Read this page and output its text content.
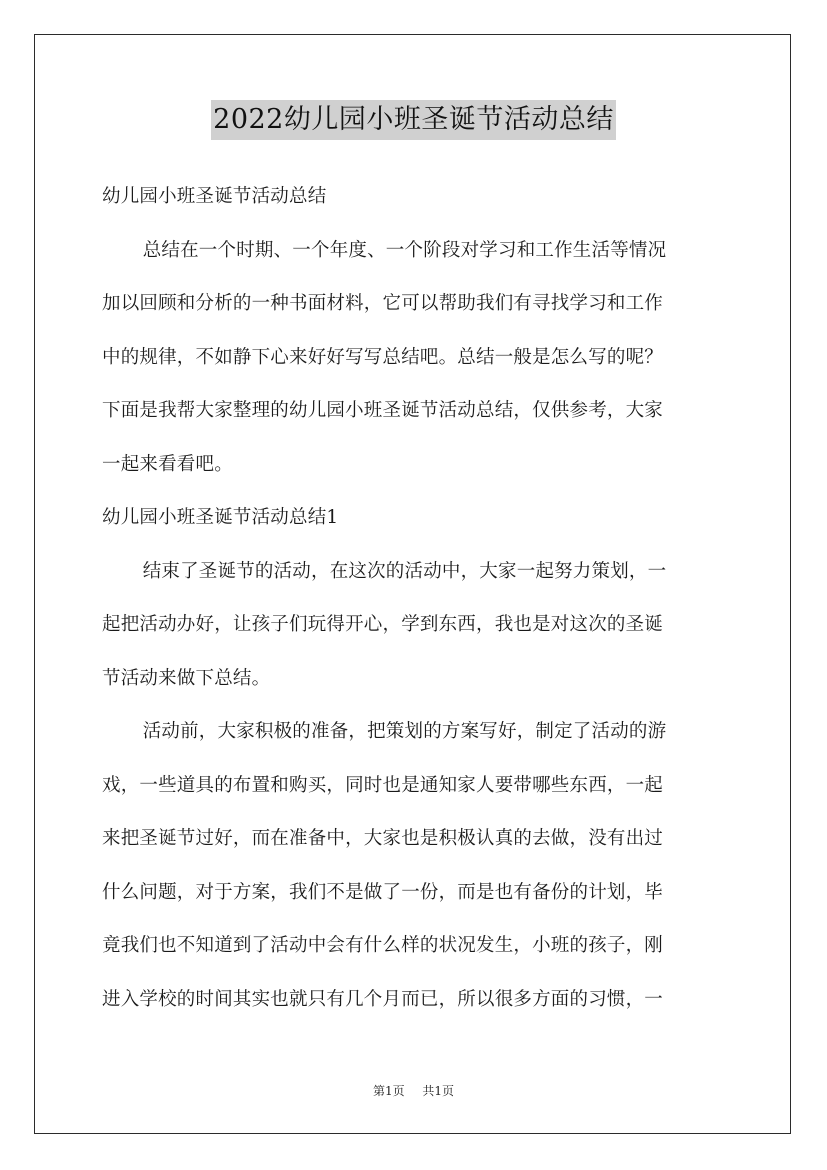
2022幼儿园小班圣诞节活动总结
幼儿园小班圣诞节活动总结
总结在一个时期、一个年度、一个阶段对学习和工作生活等情况
加以回顾和分析的一种书面材料，它可以帮助我们有寻找学习和工作
中的规律，不如静下心来好好写写总结吧。总结一般是怎么写的呢？
下面是我帮大家整理的幼儿园小班圣诞节活动总结，仅供参考，大家
一起来看看吧。
幼儿园小班圣诞节活动总结1
结束了圣诞节的活动，在这次的活动中，大家一起努力策划，一
起把活动办好，让孩子们玩得开心，学到东西，我也是对这次的圣诞
节活动来做下总结。
活动前，大家积极的准备，把策划的方案写好，制定了活动的游
戏，一些道具的布置和购买，同时也是通知家人要带哪些东西，一起
来把圣诞节过好，而在准备中，大家也是积极认真的去做，没有出过
什么问题，对于方案，我们不是做了一份，而是也有备份的计划，毕
竟我们也不知道到了活动中会有什么样的状况发生，小班的孩子，刚
进入学校的时间其实也就只有几个月而已，所以很多方面的习惯，一
第1页 共1页
